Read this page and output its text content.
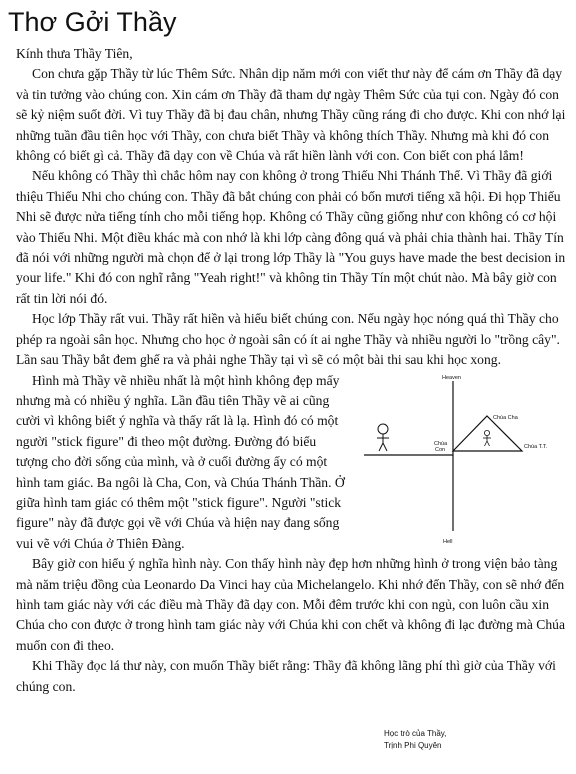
Thơ Gởi Thầy

Kính thưa Thầy Tiên,

Con chưa gặp Thầy từ lúc Thêm Sức. Nhân dịp năm mới con viết thư này để cám ơn Thầy đã dạy và tin tưởng vào chúng con. Xin cám ơn Thầy đã tham dự ngày Thêm Sức của tụi con. Ngày đó con sẽ kỷ niệm suốt đời. Vì tuy Thầy đã bị đau chân, nhưng Thầy cũng ráng đi cho được. Khi con nhớ lại những tuần đầu tiên học với Thầy, con chưa biết Thầy và không thích Thầy. Nhưng mà khi đó con không có biết gì cả. Thầy đã dạy con về Chúa và rất hiền lành với con. Con biết con phá lắm!

Nếu không có Thầy thì chắc hôm nay con không ở trong Thiếu Nhi Thánh Thể. Vì Thầy đã giới thiệu Thiếu Nhi cho chúng con. Thầy đã bắt chúng con phải có bốn mươi tiếng xã hội. Đi họp Thiếu Nhi sẽ được nửa tiếng tính cho mỗi tiếng họp. Không có Thầy cũng giống như con không có cơ hội vào Thiếu Nhi. Một điều khác mà con nhớ là khi lớp càng đông quá và phải chia thành hai. Thầy Tín đã nói với những người mà chọn để ở lại trong lớp Thầy là "You guys have made the best decision in your life." Khi đó con nghĩ rằng "Yeah right!" và không tin Thầy Tín một chút nào. Mà bây giờ con rất tin lời nói đó.

Học lớp Thầy rất vui. Thầy rất hiền và hiểu biết chúng con. Nếu ngày học nóng quá thì Thầy cho phép ra ngoài sân học. Nhưng cho học ở ngoài sân có ít ai nghe Thầy và nhiều người lo "trồng cây". Lần sau Thầy bắt đem ghế ra và phải nghe Thầy tại vì sẽ có một bài thi sau khi học xong.

Heaven
Hell
Chúa Cha
Chúa
Con	Chúa T.T.

Hình mà Thầy vẽ nhiều nhất là một hình không đẹp mấy nhưng mà có nhiều ý nghĩa. Lần đầu tiên Thầy vẽ ai cũng cười vì không biết ý nghĩa và thấy rất là lạ. Hình đó có một người "stick figure" đi theo một đường. Đường đó biểu tượng cho đời sống của mình, và ở cuối đường ấy có một hình tam giác. Ba ngôi là Cha, Con, và Chúa Thánh Thần. Ở giữa hình tam giác có thêm một "stick figure". Người "stick figure" này đã được gọi về với Chúa và hiện nay đang sống vui vẽ với Chúa ở Thiên Đàng.

Bây giờ con hiểu ý nghĩa hình này. Con thấy hình này đẹp hơn những hình ở trong viện bảo tàng mà năm triệu đồng của Leonardo Da Vinci hay của Michelangelo. Khi nhớ đến Thầy, con sẽ nhớ đến hình tam giác này với các điều mà Thầy đã dạy con. Mỗi đêm trước khi con ngủ, con luôn cầu xin Chúa cho con được ở trong hình tam giác này với Chúa khi con chết và không đi lạc đường mà Chúa muốn con đi theo.

Khi Thầy đọc lá thư này, con muốn Thầy biết rằng: Thầy đã không lãng phí thì giờ của Thầy với chúng con.

Học trò của Thầy,
Trịnh Phi Quyên
